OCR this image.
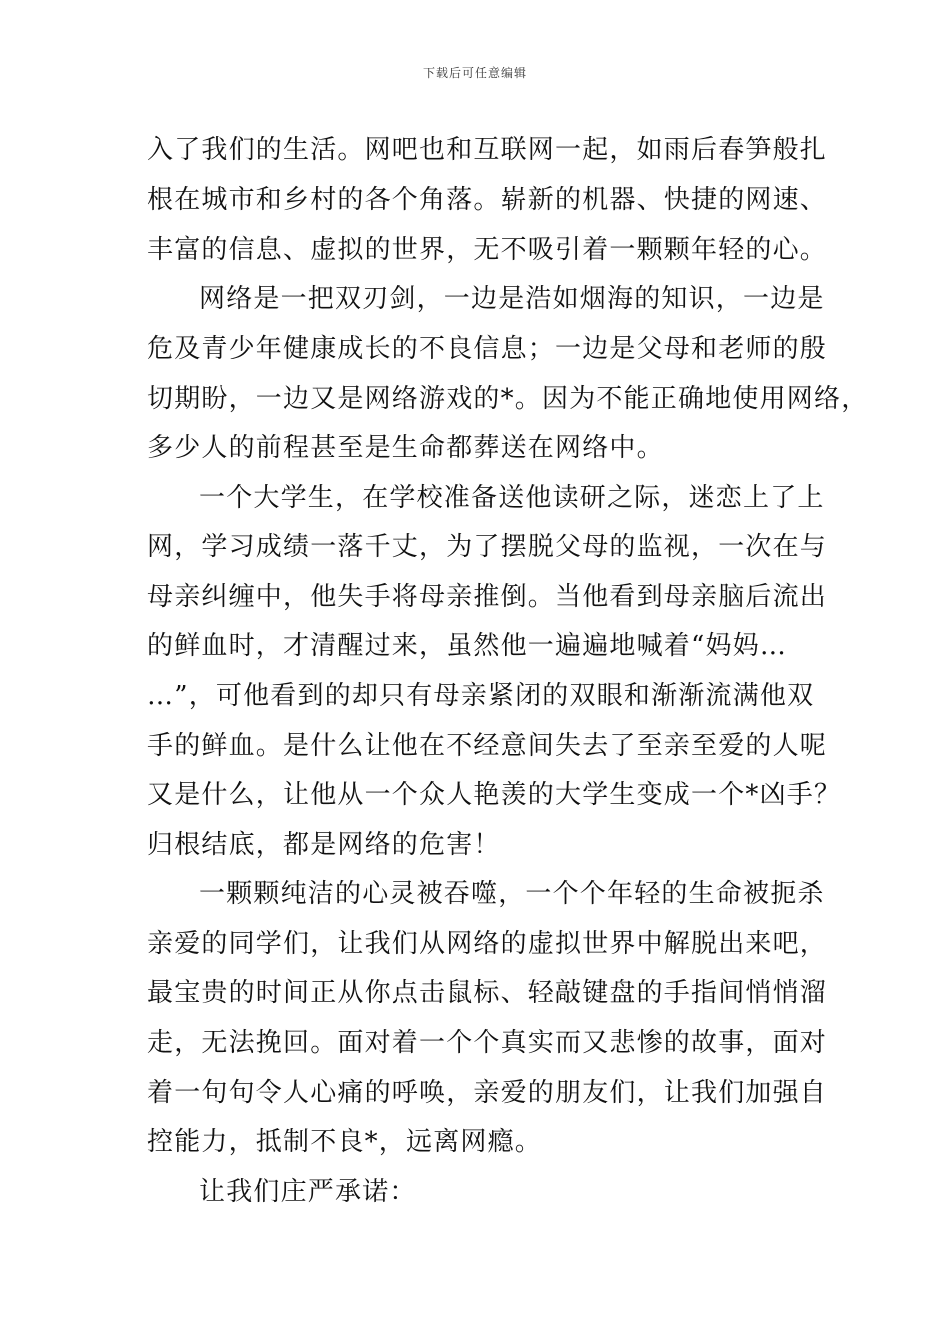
下载后可任意编辑
入了我们的生活。网吧也和互联网一起，如雨后春笋般扎
根在城市和乡村的各个角落。崭新的机器、快捷的网速、
丰富的信息、虚拟的世界，无不吸引着一颗颗年轻的心。
网络是一把双刃剑，一边是浩如烟海的知识，一边是
危及青少年健康成长的不良信息；一边是父母和老师的殷
切期盼，一边又是网络游戏的*。因为不能正确地使用网络，
多少人的前程甚至是生命都葬送在网络中。
一个大学生，在学校准备送他读研之际，迷恋上了上
网，学习成绩一落千丈，为了摆脱父母的监视，一次在与
母亲纠缠中，他失手将母亲推倒。当他看到母亲脑后流出
的鲜血时，才清醒过来，虽然他一遍遍地喊着“妈妈…
…”，可他看到的却只有母亲紧闭的双眼和渐渐流满他双
手的鲜血。是什么让他在不经意间失去了至亲至爱的人呢
又是什么，让他从一个众人艳羡的大学生变成一个*凶手？
归根结底，都是网络的危害！
一颗颗纯洁的心灵被吞噬，一个个年轻的生命被扼杀
亲爱的同学们，让我们从网络的虚拟世界中解脱出来吧，
最宝贵的时间正从你点击鼠标、轻敲键盘的手指间悄悄溜
走，无法挽回。面对着一个个真实而又悲惨的故事，面对
着一句句令人心痛的呼唤，亲爱的朋友们，让我们加强自
控能力，抵制不良*，远离网瘾。
让我们庄严承诺：
